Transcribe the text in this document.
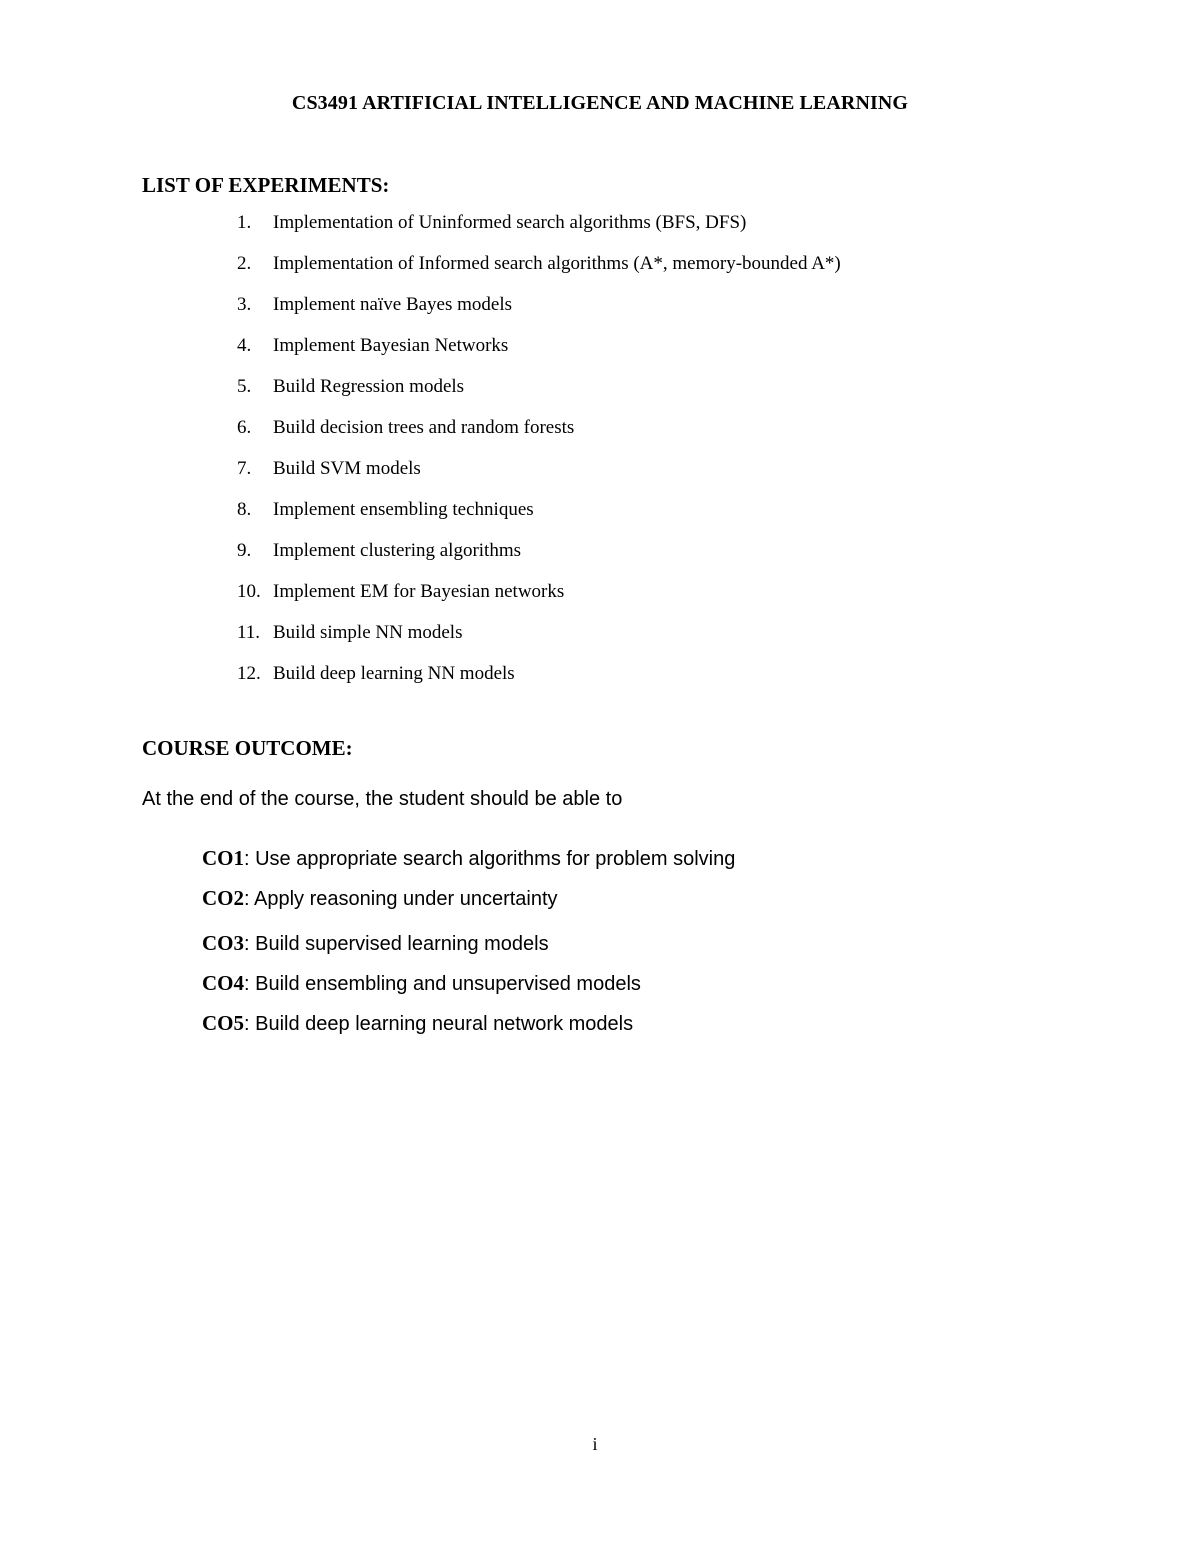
CS3491 ARTIFICIAL INTELLIGENCE AND MACHINE LEARNING
LIST OF EXPERIMENTS:
1.	Implementation of Uninformed search algorithms (BFS, DFS)
2.	Implementation of Informed search algorithms (A*, memory-bounded A*)
3.	Implement naïve Bayes models
4.	Implement Bayesian Networks
5.	Build Regression models
6.	Build decision trees and random forests
7.	Build SVM models
8.	Implement ensembling techniques
9.	Implement clustering algorithms
10. Implement EM for Bayesian networks
11. Build simple NN models
12. Build deep learning NN models
COURSE OUTCOME:
At the end of the course, the student should be able to
CO1: Use appropriate search algorithms for problem solving
CO2: Apply reasoning under uncertainty
CO3: Build supervised learning models
CO4: Build ensembling and unsupervised models
CO5: Build deep learning neural network models
i
